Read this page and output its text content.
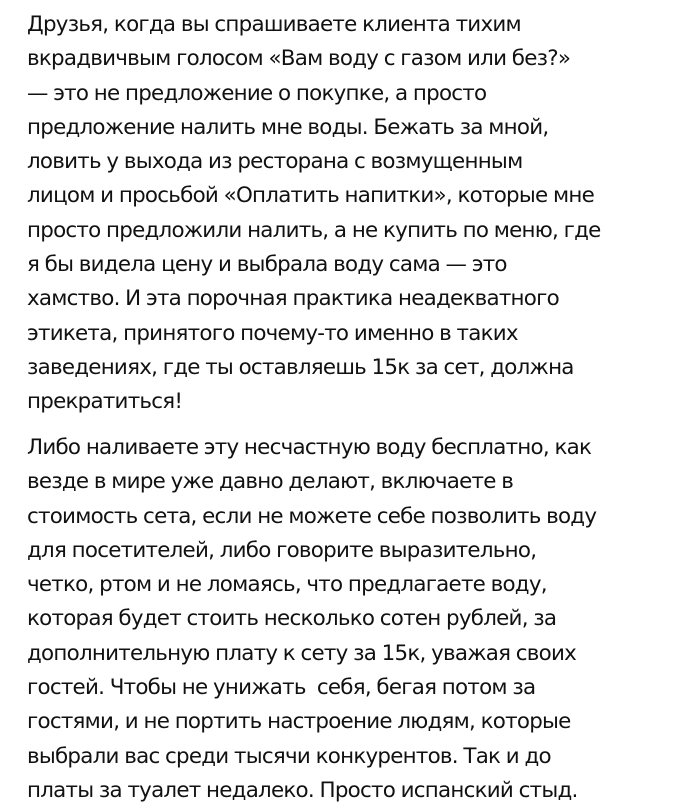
Друзья, когда вы спрашиваете клиента тихим
вкрадвичвым голосом «Вам воду с газом или без?»
— это не предложение о покупке, а просто
предложение налить мне воды. Бежать за мной,
ловить у выхода из ресторана с возмущенным
лицом и просьбой «Оплатить напитки», которые мне
просто предложили налить, а не купить по меню, где
я бы видела цену и выбрала воду сама — это
хамство. И эта порочная практика неадекватного
этикета, принятого почему-то именно в таких
заведениях, где ты оставляешь 15к за сет, должна
прекратиться!
Либо наливаете эту несчастную воду бесплатно, как
везде в мире уже давно делают, включаете в
стоимость сета, если не можете себе позволить воду
для посетителей, либо говорите выразительно,
четко, ртом и не ломаясь, что предлагаете воду,
которая будет стоить несколько сотен рублей, за
дополнительную плату к сету за 15к, уважая своих
гостей. Чтобы не унижать  себя, бегая потом за
гостями, и не портить настроение людям, которые
выбрали вас среди тысячи конкурентов. Так и до
платы за туалет недалеко. Просто испанский стыд.
